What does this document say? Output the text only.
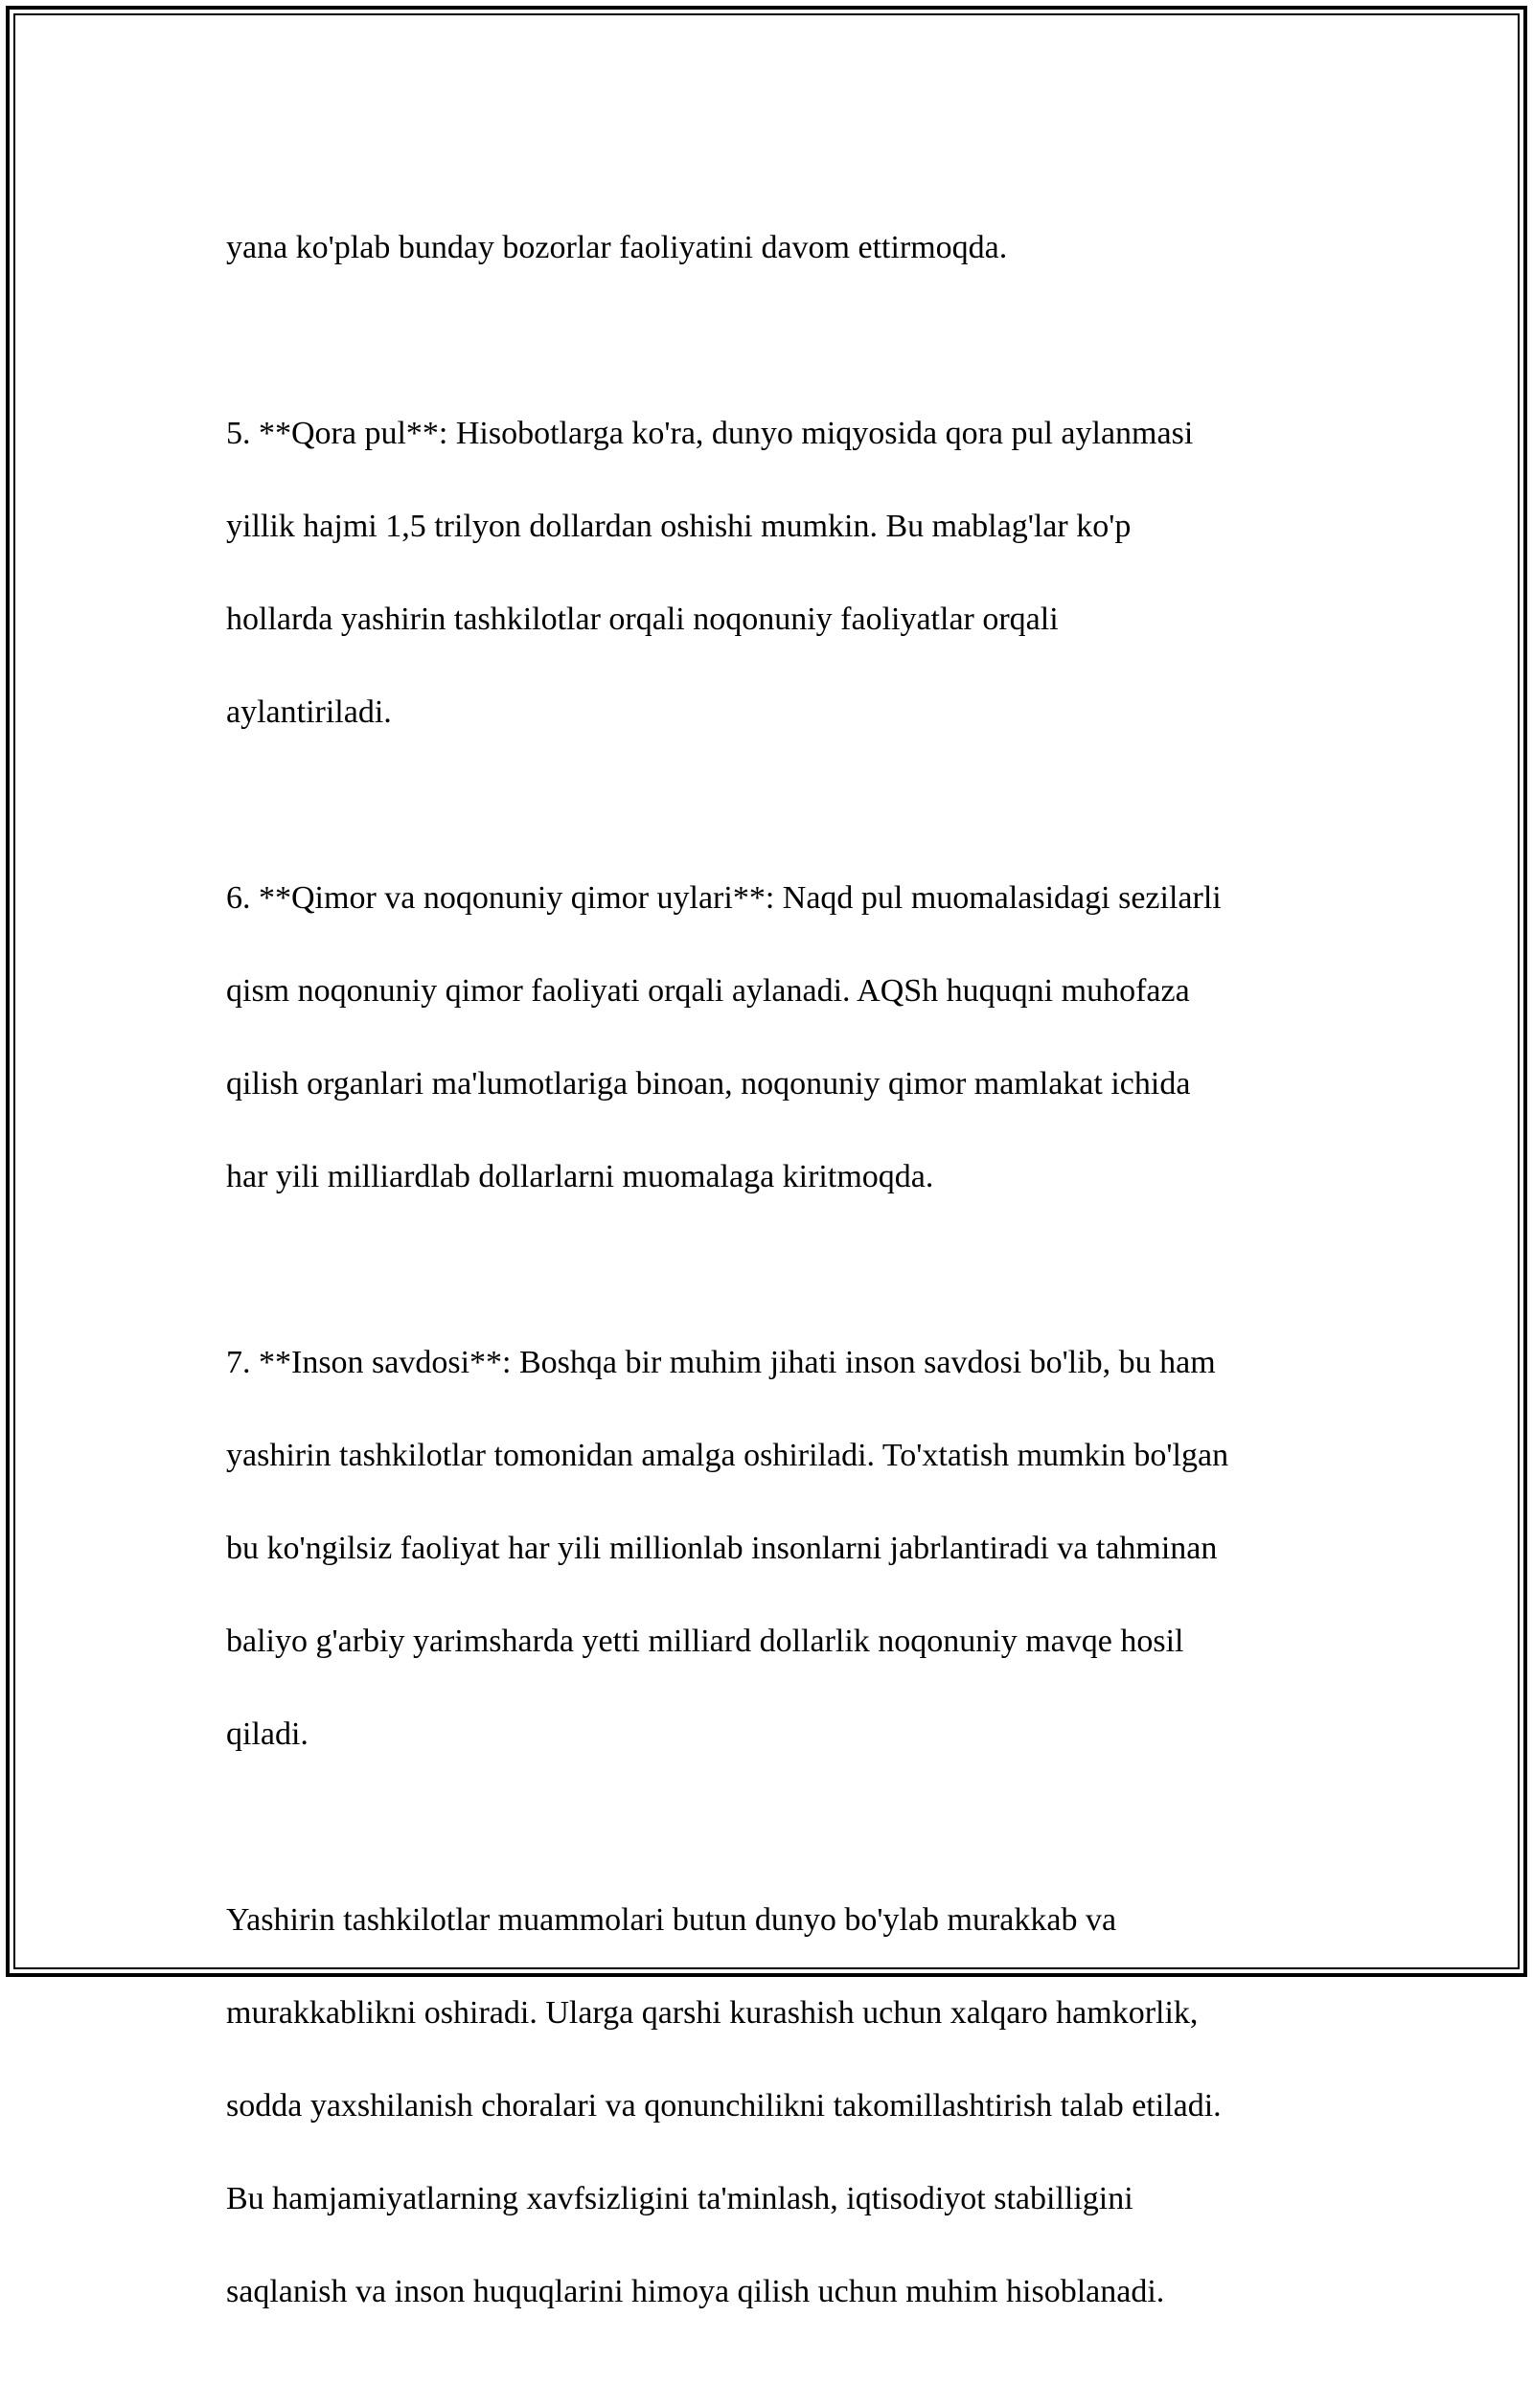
yana ko'plab bunday bozorlar faoliyatini davom ettirmoqda.

5. **Qora pul**: Hisobotlarga ko'ra, dunyo miqyosida qora pul aylanmasi

yillik hajmi 1,5 trilyon dollardan oshishi mumkin. Bu mablag'lar ko'p

hollarda yashirin tashkilotlar orqali noqonuniy faoliyatlar orqali

aylantiriladi.

6. **Qimor va noqonuniy qimor uylari**: Naqd pul muomalasidagi sezilarli

qism noqonuniy qimor faoliyati orqali aylanadi. AQSh huquqni muhofaza

qilish organlari ma'lumotlariga binoan, noqonuniy qimor mamlakat ichida

har yili milliardlab dollarlarni muomalaga kiritmoqda.

7. **Inson savdosi**: Boshqa bir muhim jihati inson savdosi bo'lib, bu ham

yashirin tashkilotlar tomonidan amalga oshiriladi. To'xtatish mumkin bo'lgan

bu ko'ngilsiz faoliyat har yili millionlab insonlarni jabrlantiradi va tahminan

baliyo g'arbiy yarimsharda yetti milliard dollarlik noqonuniy mavqe hosil

qiladi.

Yashirin tashkilotlar muammolari butun dunyo bo'ylab murakkab va

murakkablikni oshiradi. Ularga qarshi kurashish uchun xalqaro hamkorlik,

sodda yaxshilanish choralari va qonunchilikni takomillashtirish talab etiladi.

Bu hamjamiyatlarning xavfsizligini ta'minlash, iqtisodiyot stabilligini

saqlanish va inson huquqlarini himoya qilish uchun muhim hisoblanadi.
